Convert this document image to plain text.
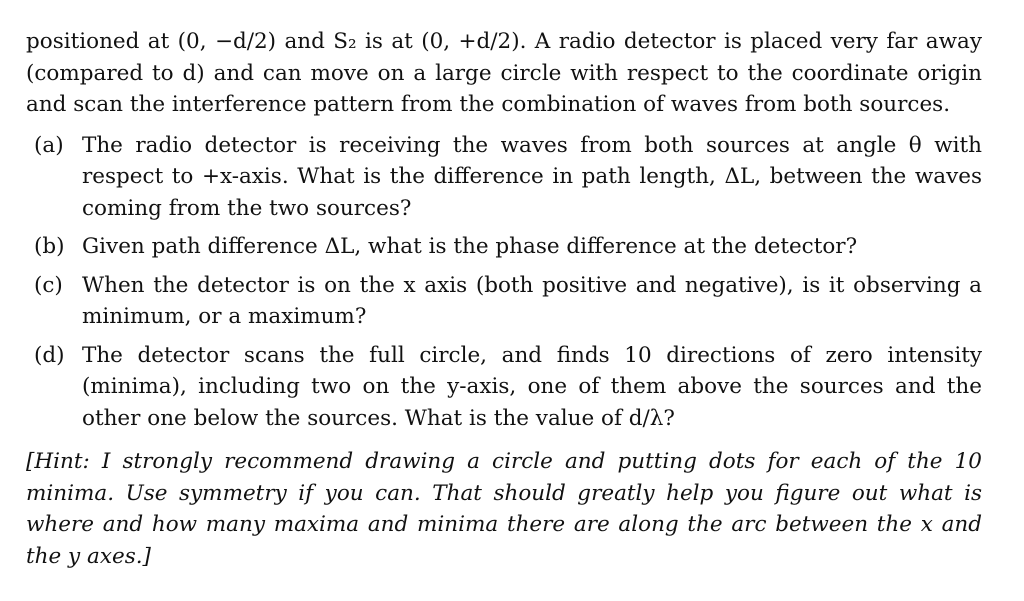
positioned at (0, −d/2) and S₂ is at (0, +d/2). A radio detector is placed very far away (compared to d) and can move on a large circle with respect to the coordinate origin and scan the interference pattern from the combination of waves from both sources.

(a) The radio detector is receiving the waves from both sources at angle θ with respect to +x-axis. What is the difference in path length, ΔL, between the waves coming from the two sources?
(b) Given path difference ΔL, what is the phase difference at the detector?
(c) When the detector is on the x axis (both positive and negative), is it observing a minimum, or a maximum?
(d) The detector scans the full circle, and finds 10 directions of zero intensity (minima), including two on the y-axis, one of them above the sources and the other one below the sources. What is the value of d/λ?
[Hint: I strongly recommend drawing a circle and putting dots for each of the 10 minima. Use symmetry if you can. That should greatly help you figure out what is where and how many maxima and minima there are along the arc between the x and the y axes.]
